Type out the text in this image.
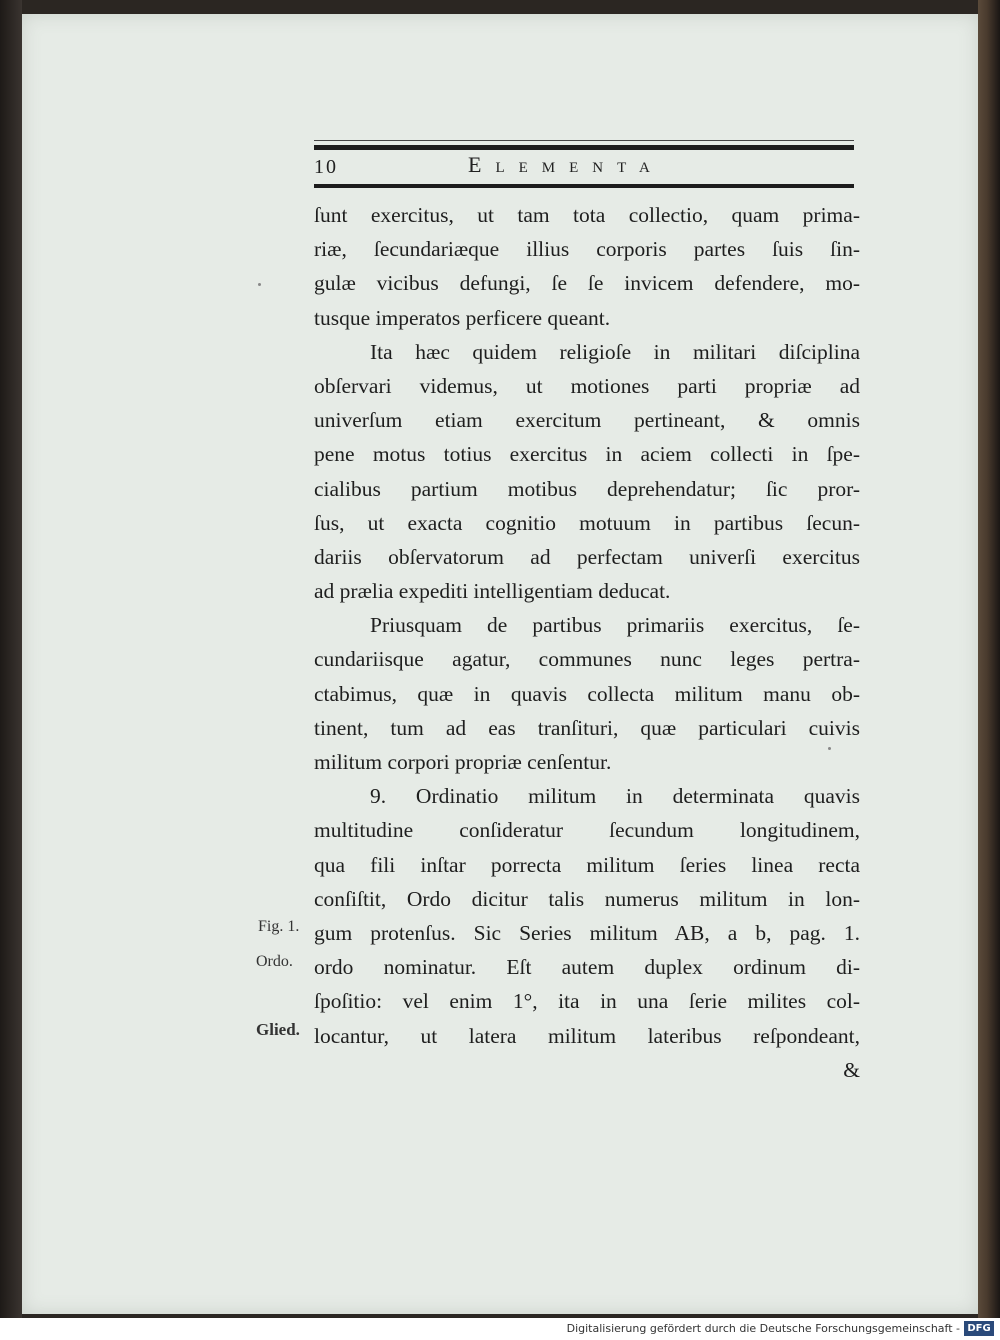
10	Elementa
ſunt exercitus, ut tam tota collectio, quam prima-
riæ, ſecundariæque illius corporis partes ſuis ſin-
gulæ vicibus defungi, ſe ſe invicem defendere, mo-
tusque imperatos perficere queant.
Ita hæc quidem religioſe in militari diſciplina
obſervari videmus, ut motiones parti propriæ ad
univerſum etiam exercitum pertineant, & omnis
pene motus totius exercitus in aciem collecti in ſpe-
cialibus partium motibus deprehendatur; ſic pror-
ſus, ut exacta cognitio motuum in partibus ſecun-
dariis obſervatorum ad perfectam univerſi exercitus
ad prælia expediti intelligentiam deducat.
Priusquam de partibus primariis exercitus, ſe-
cundariisque agatur, communes nunc leges pertra-
ctabimus, quæ in quavis collecta militum manu ob-
tinent, tum ad eas tranſituri, quæ particulari cuivis
militum corpori propriæ cenſentur.
9. Ordinatio militum in determinata quavis
multitudine conſideratur ſecundum longitudinem,
qua fili inſtar porrecta militum ſeries linea recta
conſiſtit, Ordo dicitur talis numerus militum in lon-
gum protenſus. Sic Series militum AB, a b, pag. 1.
ordo nominatur. Eſt autem duplex ordinum di-
ſpoſitio: vel enim 1°, ita in una ſerie milites col-
locantur, ut latera militum lateribus reſpondeant,
&
Fig. 1.
Ordo.
Glied.
Digitalisierung gefördert durch die Deutsche Forschungsgemeinschaft - DFG
